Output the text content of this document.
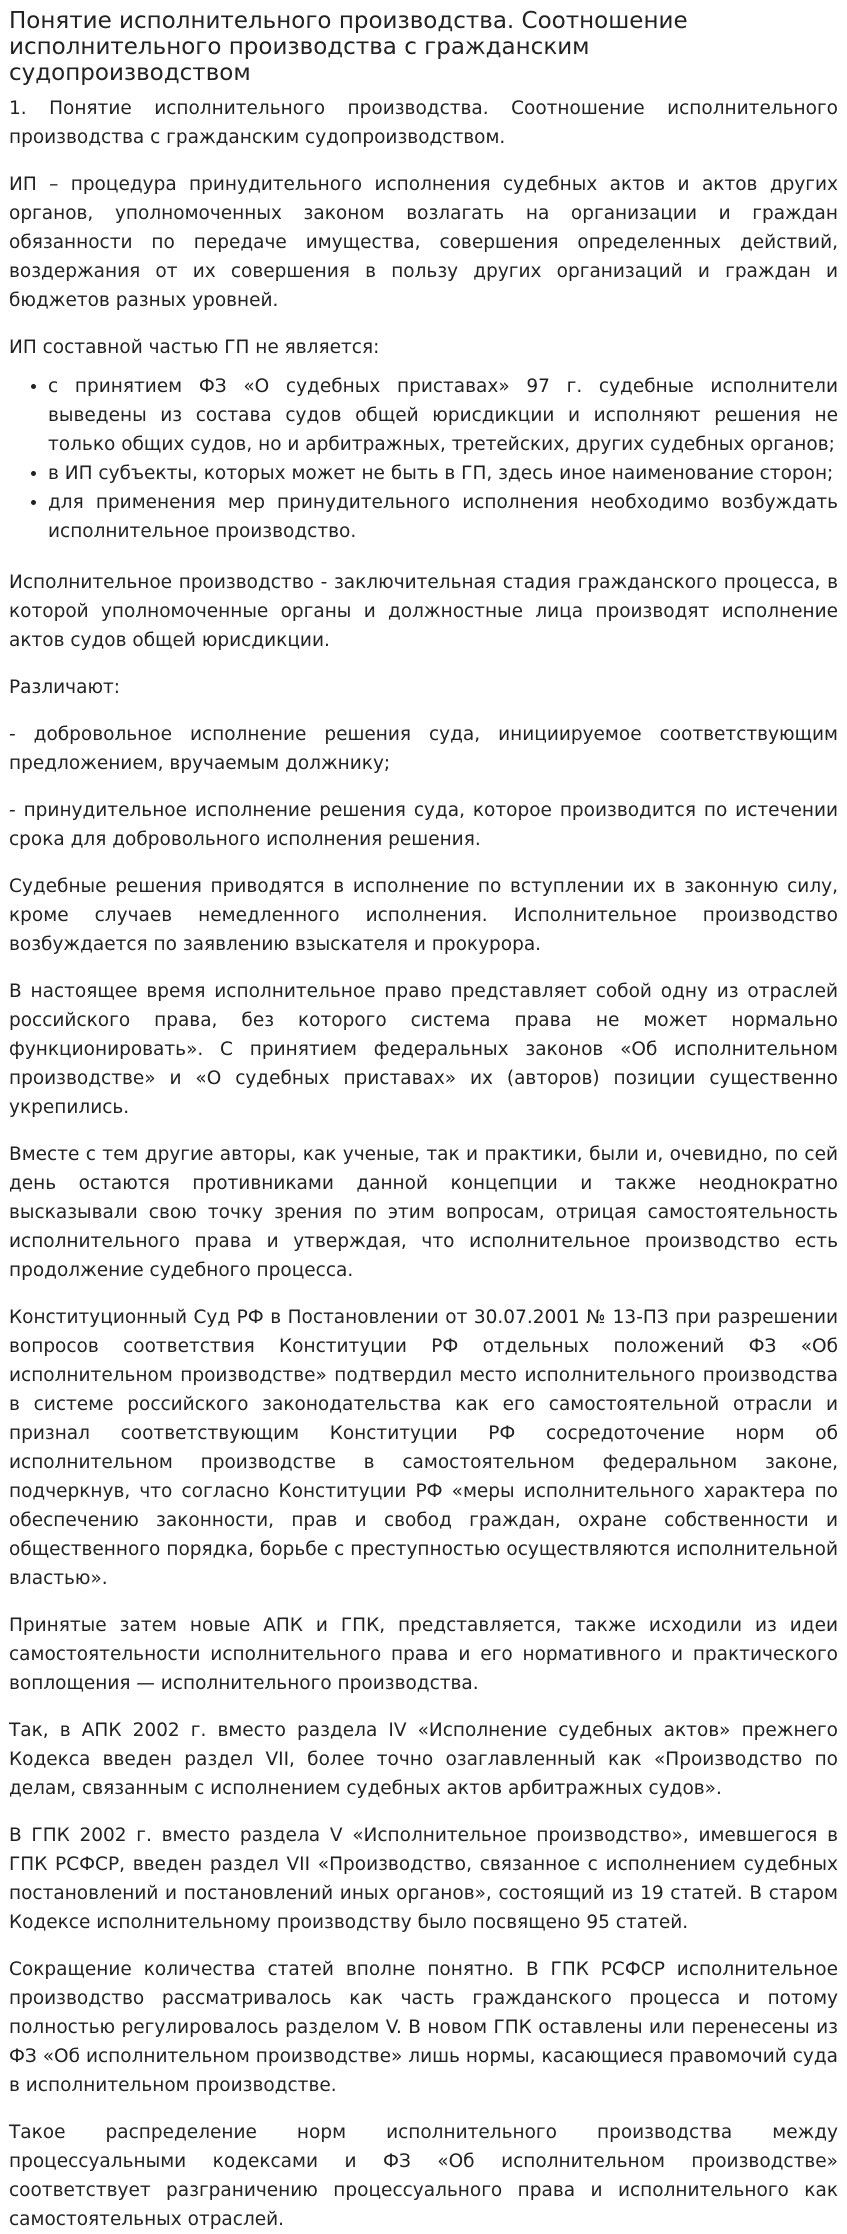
Понятие исполнительного производства. Соотношение исполнительного производства с гражданским судопроизводством

1. Понятие исполнительного производства. Соотношение исполнительного производства с гражданским судопроизводством.

ИП – процедура принудительного исполнения судебных актов и актов других органов, уполномоченных законом возлагать на организации и граждан обязанности по передаче имущества, совершения определенных действий, воздержания от их совершения в пользу других организаций и граждан и бюджетов разных уровней.

ИП составной частью ГП не является:

• с принятием ФЗ «О судебных приставах» 97 г. судебные исполнители выведены из состава судов общей юрисдикции и исполняют решения не только общих судов, но и арбитражных, третейских, других судебных органов;
• в ИП субъекты, которых может не быть в ГП, здесь иное наименование сторон;
• для применения мер принудительного исполнения необходимо возбуждать исполнительное производство.

Исполнительное производство - заключительная стадия гражданского процесса, в которой уполномоченные органы и должностные лица производят исполнение актов судов общей юрисдикции.

Различают:

- добровольное исполнение решения суда, инициируемое соответствующим предложением, вручаемым должнику;

- принудительное исполнение решения суда, которое производится по истечении срока для добровольного исполнения решения.

Судебные решения приводятся в исполнение по вступлении их в законную силу, кроме случаев немедленного исполнения. Исполнительное производство возбуждается по заявлению взыскателя и прокурора.

В настоящее время исполнительное право представляет собой одну из отраслей российского права, без которого система права не может нормально функционировать». С принятием федеральных законов «Об исполнительном производстве» и «О судебных приставах» их (авторов) позиции существенно укрепились.

Вместе с тем другие авторы, как ученые, так и практики, были и, очевидно, по сей день остаются противниками данной концепции и также неоднократно высказывали свою точку зрения по этим вопросам, отрицая самостоятельность исполнительного права и утверждая, что исполнительное производство есть продолжение судебного процесса.

Конституционный Суд РФ в Постановлении от 30.07.2001 № 13-ПЗ при разрешении вопросов соответствия Конституции РФ отдельных положений ФЗ «Об исполнительном производстве» подтвердил место исполнительного производства в системе российского законодательства как его самостоятельной отрасли и признал соответствующим Конституции РФ сосредоточение норм об исполнительном производстве в самостоятельном федеральном законе, подчеркнув, что согласно Конституции РФ «меры исполнительного характера по обеспечению законности, прав и свобод граждан, охране собственности и общественного порядка, борьбе с преступностью осуществляются исполнительной властью».

Принятые затем новые АПК и ГПК, представляется, также исходили из идеи самостоятельности исполнительного права и его нормативного и практического воплощения — исполнительного производства.

Так, в АПК 2002 г. вместо раздела IV «Исполнение судебных актов» прежнего Кодекса введен раздел VII, более точно озаглавленный как «Производство по делам, связанным с исполнением судебных актов арбитражных судов».

В ГПК 2002 г. вместо раздела V «Исполнительное производство», имевшегося в ГПК РСФСР, введен раздел VII «Производство, связанное с исполнением судебных постановлений и постановлений иных органов», состоящий из 19 статей. В старом Кодексе исполнительному производству было посвящено 95 статей.

Сокращение количества статей вполне понятно. В ГПК РСФСР исполнительное производство рассматривалось как часть гражданского процесса и потому полностью регулировалось разделом V. В новом ГПК оставлены или перенесены из ФЗ «Об исполнительном производстве» лишь нормы, касающиеся правомочий суда в исполнительном производстве.

Такое распределение норм исполнительного производства между процессуальными кодексами и ФЗ «Об исполнительном производстве» соответствует разграничению процессуального права и исполнительного как самостоятельных отраслей.
